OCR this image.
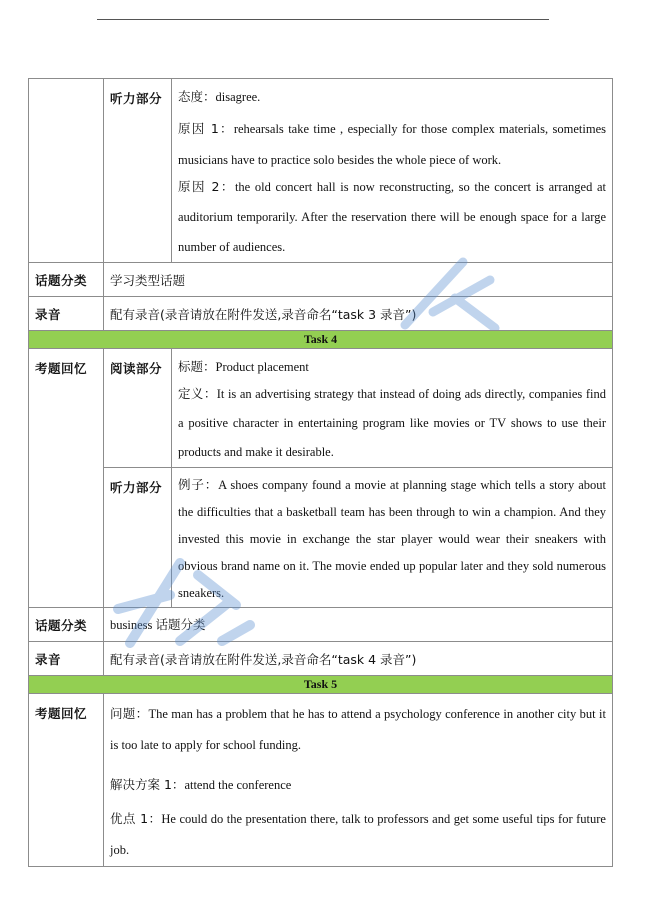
	听力部分	态度：disagree.

原因 1：rehearsals take time , especially for those complex materials, sometimes musicians have to practice solo besides the whole piece of work.

原因 2：the old concert hall is now reconstructing, so the concert is arranged at auditorium temporarily. After the reservation there will be enough space for a large number of audiences.

话题分类	学习类型话题	
录音	配有录音(录音请放在附件发送,录音命名“task 3 录音”)	
Task 4		
考题回忆	阅读部分	标题：Product placement

定义：It is an advertising strategy that instead of doing ads directly, companies find a positive character in entertaining program like movies or TV shows to use their products and make it desirable.

	听力部分	例子：A shoes company found a movie at planning stage which tells a story about the difficulties that a basketball team has been through to win a champion. And they invested this movie in exchange the star player would wear their sneakers with obvious brand name on it. The movie ended up popular later and they sold numerous sneakers.

话题分类	business 话题分类	
录音	配有录音(录音请放在附件发送,录音命名“task 4 录音”)	
Task 5		
考题回忆	问题：The man has a problem that he has to attend a psychology conference in another city but it is too late to apply for school funding.

解决方案 1：attend the conference

优点 1：He could do the presentation there, talk to professors and get some useful tips for future job.	
